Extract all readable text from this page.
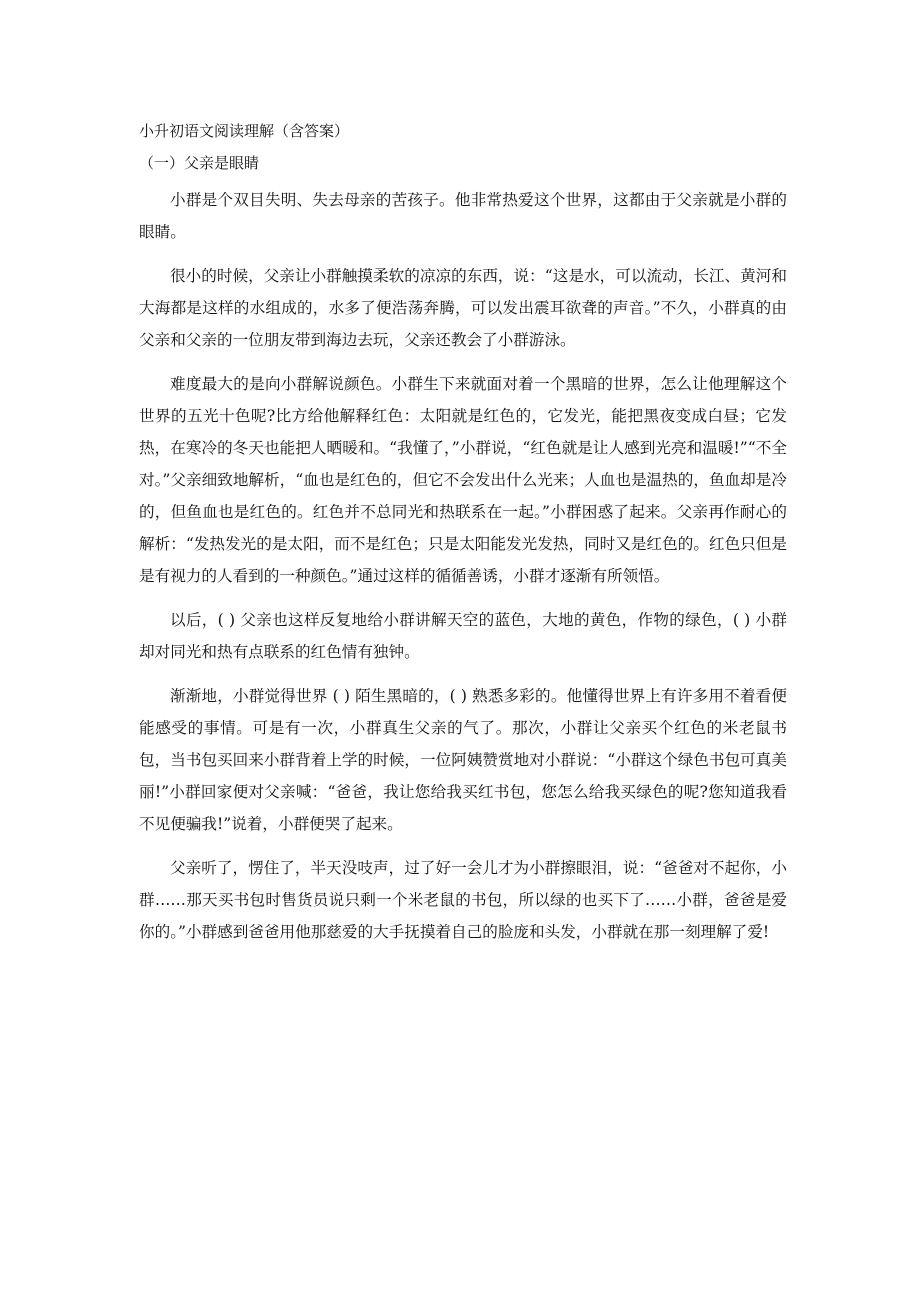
小升初语文阅读理解（含答案）
（一）父亲是眼睛

小群是个双目失明、失去母亲的苦孩子。他非常热爱这个世界，这都由于父亲就是小群的眼睛。

很小的时候，父亲让小群触摸柔软的凉凉的东西，说：“这是水，可以流动，长江、黄河和大海都是这样的水组成的，水多了便浩荡奔腾，可以发出震耳欲聋的声音。”不久，小群真的由父亲和父亲的一位朋友带到海边去玩，父亲还教会了小群游泳。

难度最大的是向小群解说颜色。小群生下来就面对着一个黑暗的世界，怎么让他理解这个世界的五光十色呢?比方给他解释红色：太阳就是红色的，它发光，能把黑夜变成白昼；它发热，在寒冷的冬天也能把人晒暖和。“我懂了，”小群说，“红色就是让人感到光亮和温暖!”“不全对。”父亲细致地解析，“血也是红色的，但它不会发出什么光来；人血也是温热的，鱼血却是冷的，但鱼血也是红色的。红色并不总同光和热联系在一起。”小群困惑了起来。父亲再作耐心的解析：“发热发光的是太阳，而不是红色；只是太阳能发光发热，同时又是红色的。红色只但是是有视力的人看到的一种颜色。”通过这样的循循善诱，小群才逐渐有所领悟。

以后，( ) 父亲也这样反复地给小群讲解天空的蓝色，大地的黄色，作物的绿色，( ) 小群却对同光和热有点联系的红色情有独钟。

渐渐地，小群觉得世界 ( ) 陌生黑暗的，( ) 熟悉多彩的。他懂得世界上有许多用不着看便能感受的事情。可是有一次，小群真生父亲的气了。那次，小群让父亲买个红色的米老鼠书包，当书包买回来小群背着上学的时候，一位阿姨赞赏地对小群说：“小群这个绿色书包可真美丽!”小群回家便对父亲喊：“爸爸，我让您给我买红书包，您怎么给我买绿色的呢?您知道我看不见便骗我!”说着，小群便哭了起来。

父亲听了，愣住了，半天没吱声，过了好一会儿才为小群擦眼泪，说：“爸爸对不起你，小群……那天买书包时售货员说只剩一个米老鼠的书包，所以绿的也买下了……小群，爸爸是爱你的。”小群感到爸爸用他那慈爱的大手抚摸着自己的脸庞和头发，小群就在那一刻理解了爱!
